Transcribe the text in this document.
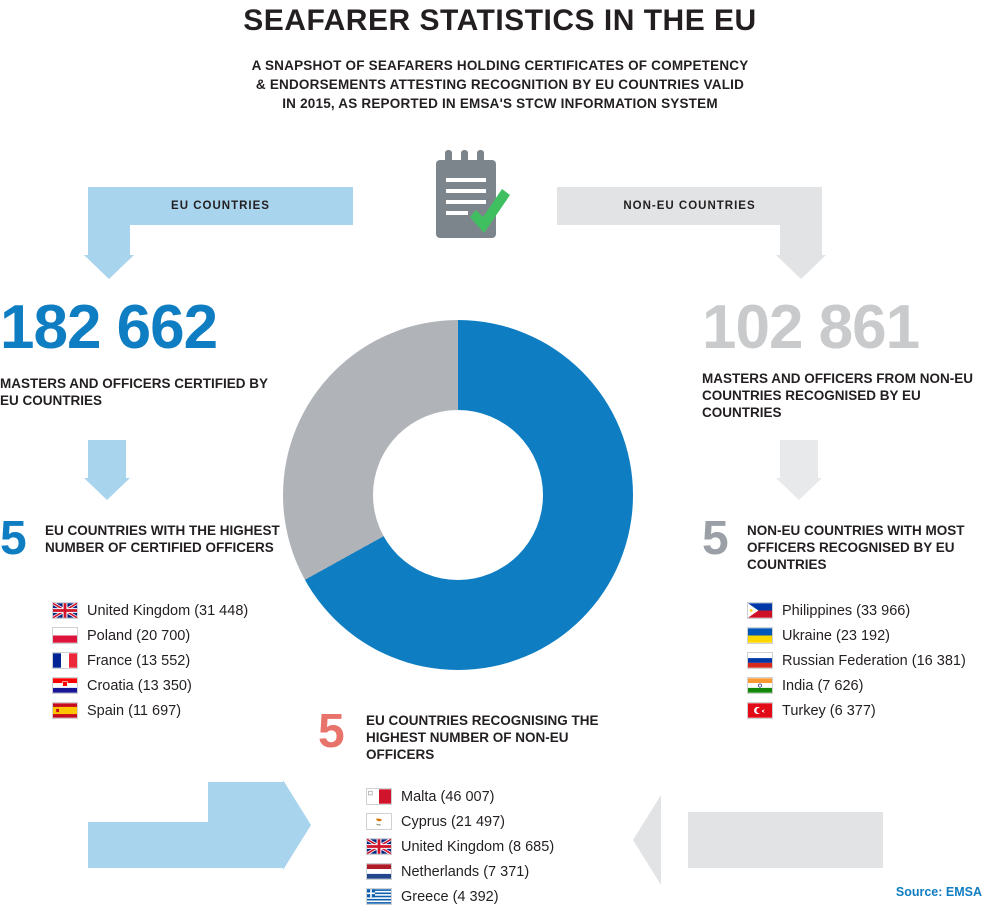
SEAFARER STATISTICS IN THE EU
A SNAPSHOT OF SEAFARERS HOLDING CERTIFICATES OF COMPETENCY
& ENDORSEMENTS ATTESTING RECOGNITION BY EU COUNTRIES VALID
IN 2015, AS REPORTED IN EMSA'S STCW INFORMATION SYSTEM
EU COUNTRIES	NON-EU COUNTRIES
182 662
MASTERS AND OFFICERS CERTIFIED BY EU COUNTRIES
102 861
MASTERS AND OFFICERS FROM NON-EU COUNTRIES RECOGNISED BY EU COUNTRIES
5 EU COUNTRIES WITH THE HIGHEST NUMBER OF CERTIFIED OFFICERS
United Kingdom (31 448)
Poland (20 700)
France (13 552)
Croatia (13 350)
Spain (11 697)
5 NON-EU COUNTRIES WITH MOST OFFICERS RECOGNISED BY EU COUNTRIES
Philippines (33 966)
Ukraine (23 192)
Russian Federation (16 381)
India (7 626)
Turkey (6 377)
5 EU COUNTRIES RECOGNISING THE HIGHEST NUMBER OF NON-EU OFFICERS
Malta (46 007)
Cyprus (21 497)
United Kingdom (8 685)
Netherlands (7 371)
Greece (4 392)	Source: EMSA
